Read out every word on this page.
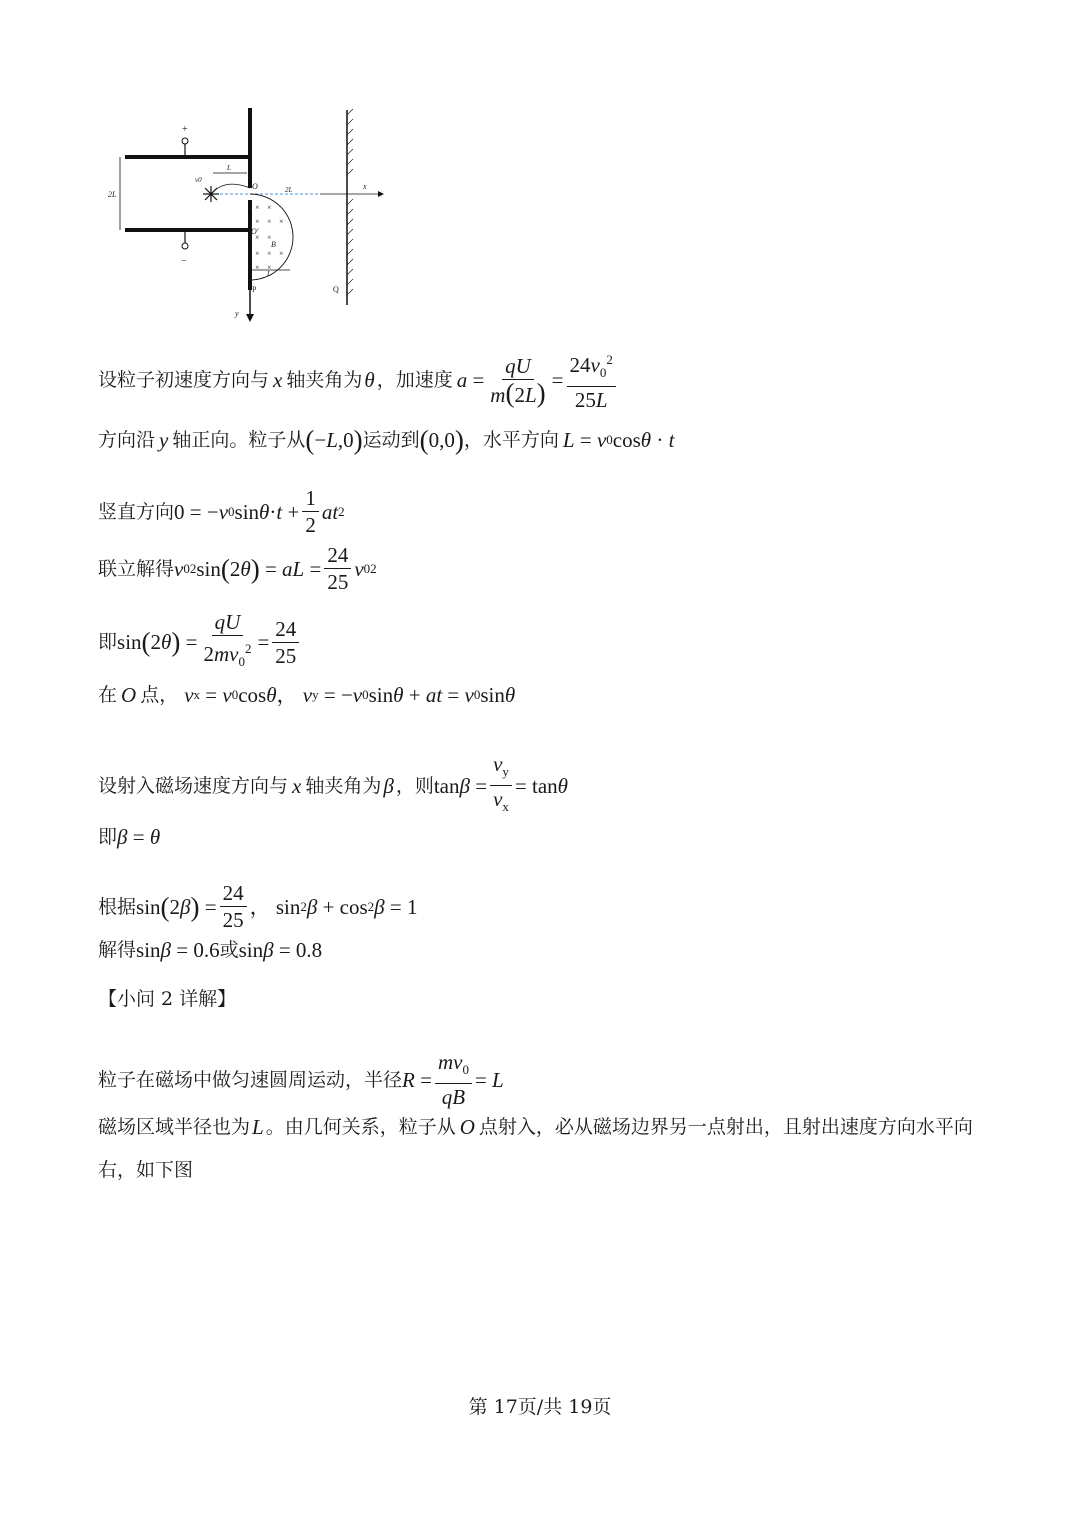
+
−
2L
L
v0
O	2L	x
× ×
× × ×
× ×
× × ×
× ×
O′
B
L
P	Q
y
设粒子初速度方向与 x 轴夹角为 θ ，加速度 $a = \frac{qU}{m(2L)} = \frac{24v_0^2}{25L}$
方向沿 y 轴正向。粒子从 ( − L ,0 ) 运动到 ( 0,0 ) ，水平方向 L = v 0 cos θ · t
竖直方向 0 = − v 0 $\sin \theta \cdot t + \frac{1}{2}$ at 2
联立解得 v 0 2 sin ( 2 θ ) = aL = $\frac{24}{25}$ v 0 2
即 sin ( 2 θ ) = $\frac{qU}{2mv_0^2} = \frac{24}{25}$
在 O 点， v x = v 0 cos θ ， v y = − v 0 sin θ + at = v 0 sin θ
设射入磁场速度方向与 x 轴夹角为 β ，则 $\tan \beta = \frac{v_y}{v_x} = \tan \theta$
即 β = θ
根据 sin ( 2 β ) = $\frac{24}{25}$ ， sin 2 β + cos 2 β = 1
解得 sin β = 0.6 或 sin β = 0.8
【小问 2 详解】
粒子在磁场中做匀速圆周运动，半径 $R = \frac{mv_0}{qB} = L$
磁场区域半径也为 L 。由几何关系，粒子从 O 点射入，必从磁场边界另一点射出，且射出速度方向水平向
右，如下图
第 17页/共 19页
